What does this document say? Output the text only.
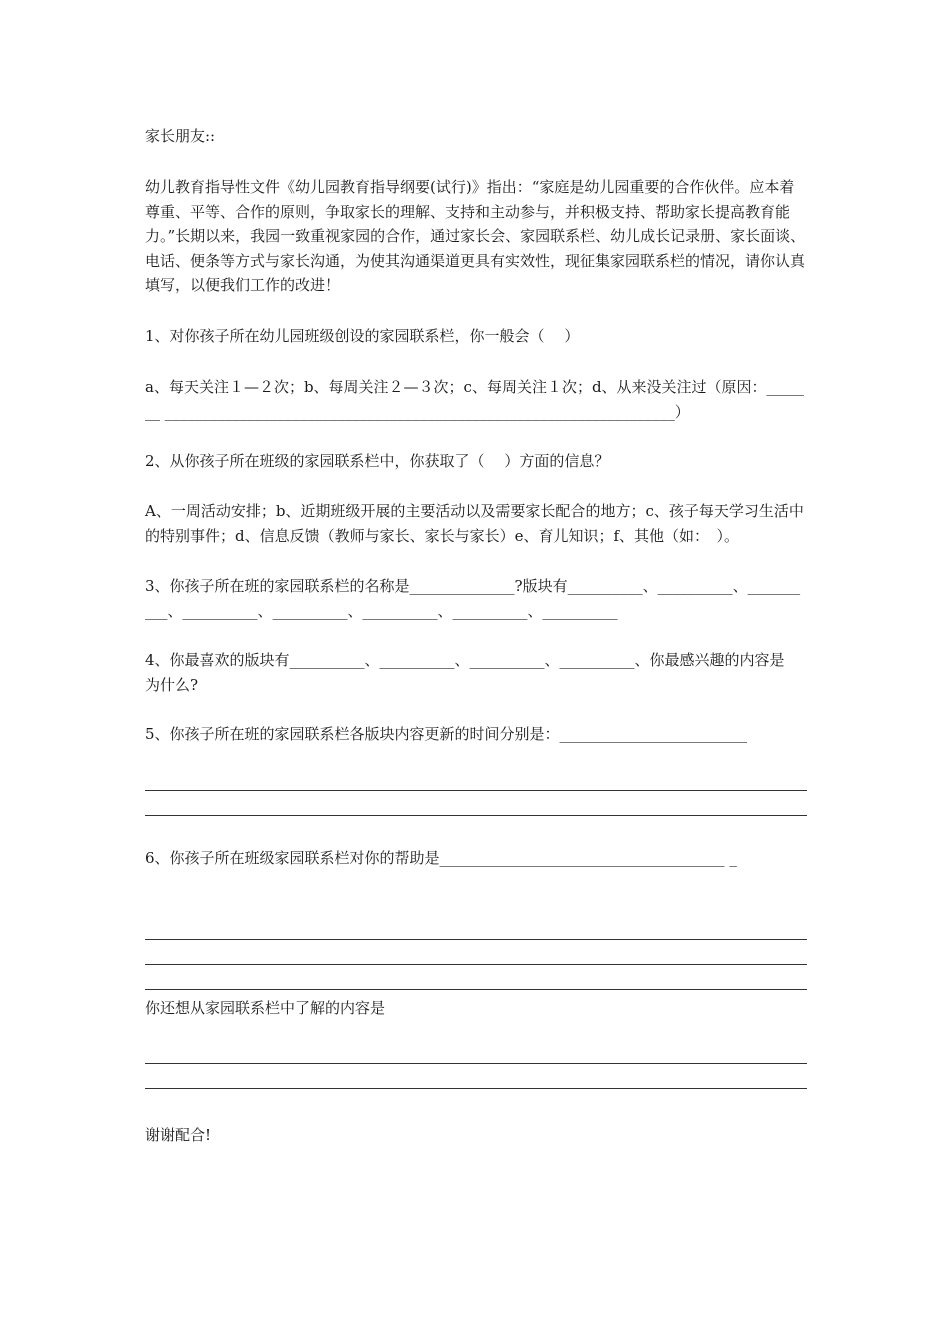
家长朋友::

幼儿教育指导性文件《幼儿园教育指导纲要(试行)》指出：“家庭是幼儿园重要的合作伙伴。应本着尊重、平等、合作的原则，争取家长的理解、支持和主动参与，并积极支持、帮助家长提高教育能力。”长期以来，我园一致重视家园的合作，通过家长会、家园联系栏、幼儿成长记录册、家长面谈、电话、便条等方式与家长沟通，为使其沟通渠道更具有实效性，现征集家园联系栏的情况，请你认真填写，以便我们工作的改进！

1、对你孩子所在幼儿园班级创设的家园联系栏，你一般会（　 ）

a、每天关注１—２次；b、每周关注２—３次；c、每周关注１次；d、从来没关注过（原因：_______ ____________________________________________________________________）

2、从你孩子所在班级的家园联系栏中，你获取了（　 ）方面的信息？

A、一周活动安排；b、近期班级开展的主要活动以及需要家长配合的地方；c、孩子每天学习生活中的特别事件；d、信息反馈（教师与家长、家长与家长）e、育儿知识；f、其他（如：　）。

3、你孩子所在班的家园联系栏的名称是______________?版块有__________、__________、__________、__________、__________、__________、__________、__________

4、你最喜欢的版块有__________、__________、__________、__________、你最感兴趣的内容是　为什么?

5、你孩子所在班的家园联系栏各版块内容更新的时间分别是：_________________________

6、你孩子所在班级家园联系栏对你的帮助是______________________________________ _

你还想从家园联系栏中了解的内容是

谢谢配合!
